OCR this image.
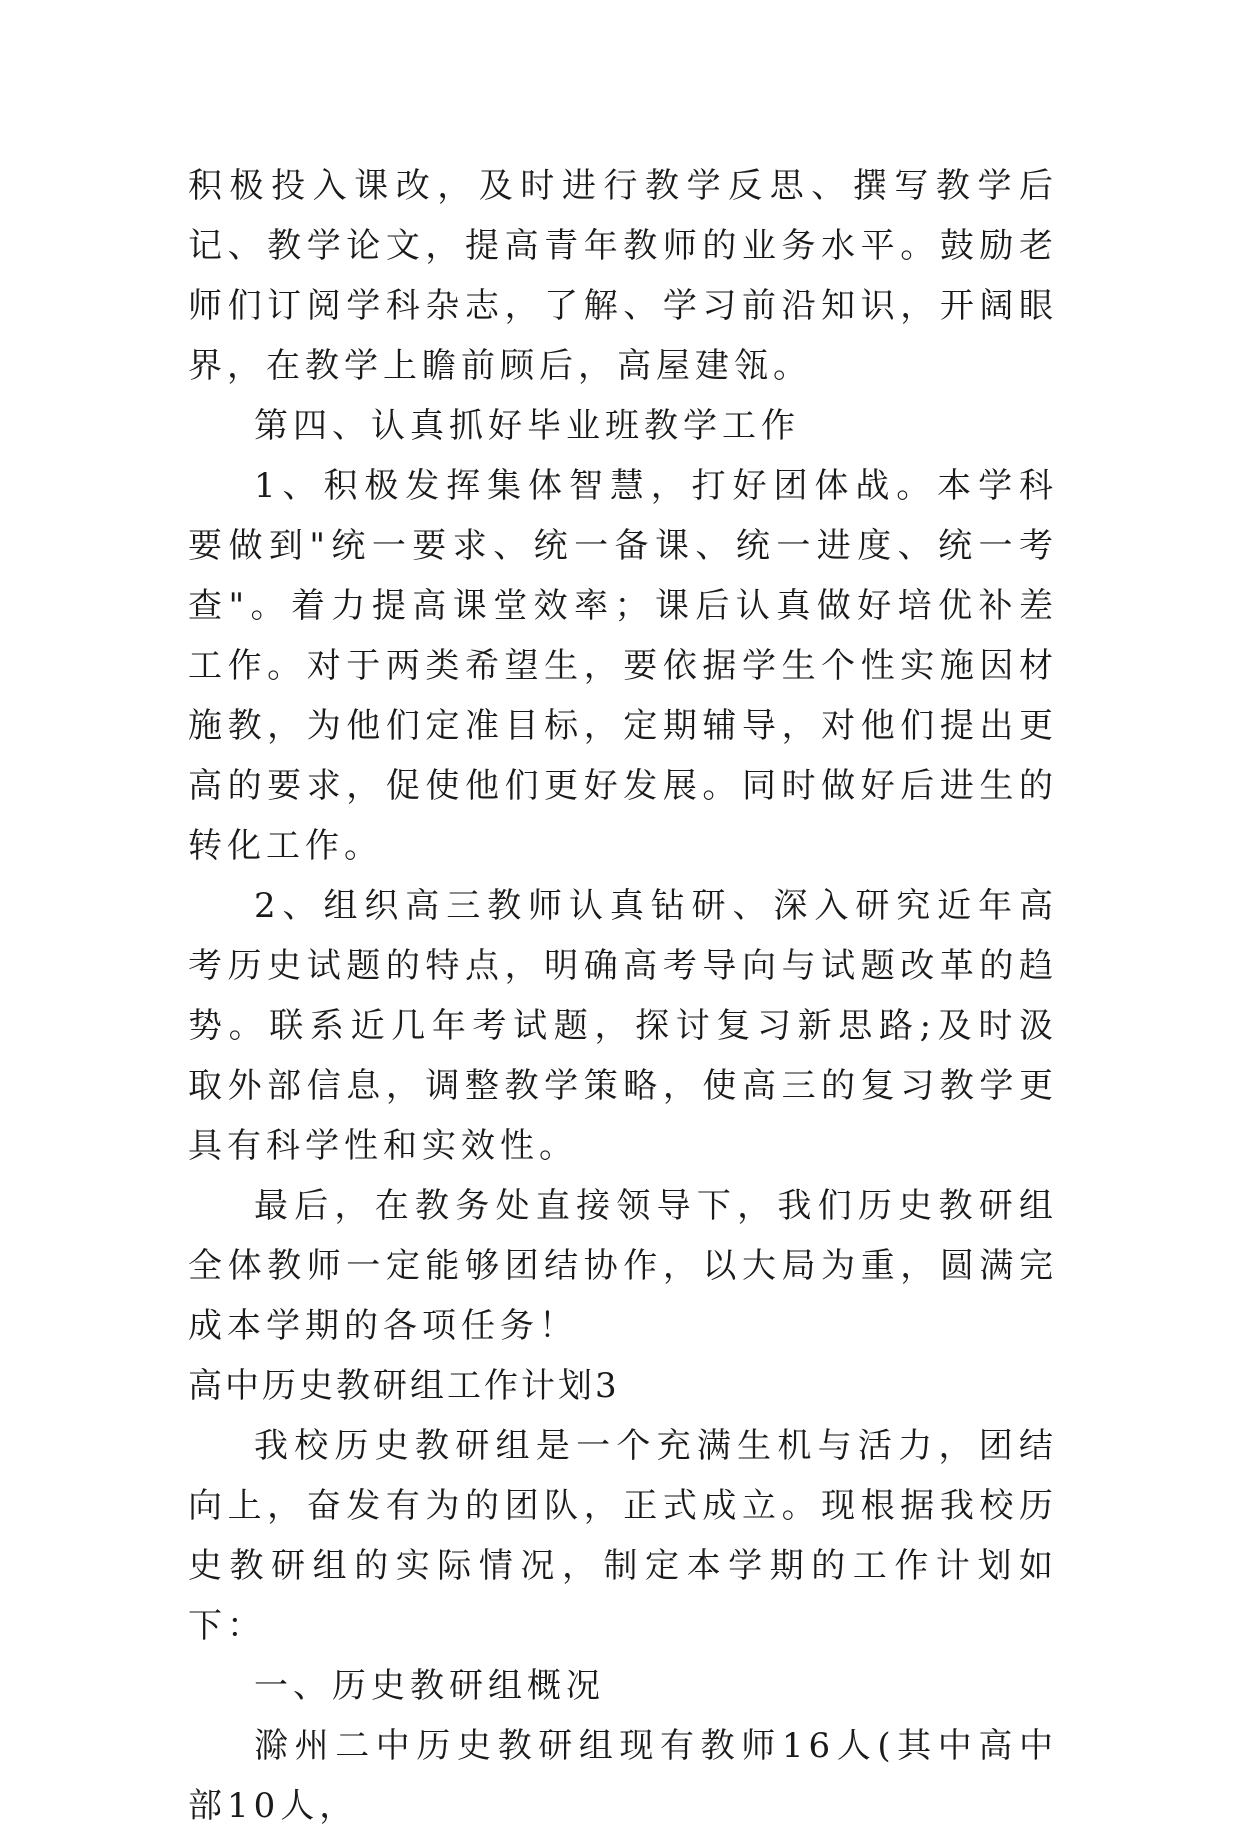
积极投入课改，及时进行教学反思、撰写教学后记、教学论文，提高青年教师的业务水平。鼓励老师们订阅学科杂志，了解、学习前沿知识，开阔眼界，在教学上瞻前顾后，高屋建瓴。

第四、认真抓好毕业班教学工作

1、积极发挥集体智慧，打好团体战。本学科要做到"统一要求、统一备课、统一进度、统一考查"。着力提高课堂效率；课后认真做好培优补差工作。对于两类希望生，要依据学生个性实施因材施教，为他们定准目标，定期辅导，对他们提出更高的要求，促使他们更好发展。同时做好后进生的转化工作。

2、组织高三教师认真钻研、深入研究近年高考历史试题的特点，明确高考导向与试题改革的趋势。联系近几年考试题，探讨复习新思路;及时汲取外部信息，调整教学策略，使高三的复习教学更具有科学性和实效性。

最后，在教务处直接领导下，我们历史教研组全体教师一定能够团结协作，以大局为重，圆满完成本学期的各项任务！

高中历史教研组工作计划3

我校历史教研组是一个充满生机与活力，团结向上，奋发有为的团队，正式成立。现根据我校历史教研组的实际情况，制定本学期的工作计划如下：

一、历史教研组概况

滁州二中历史教研组现有教师16人(其中高中部10人，
